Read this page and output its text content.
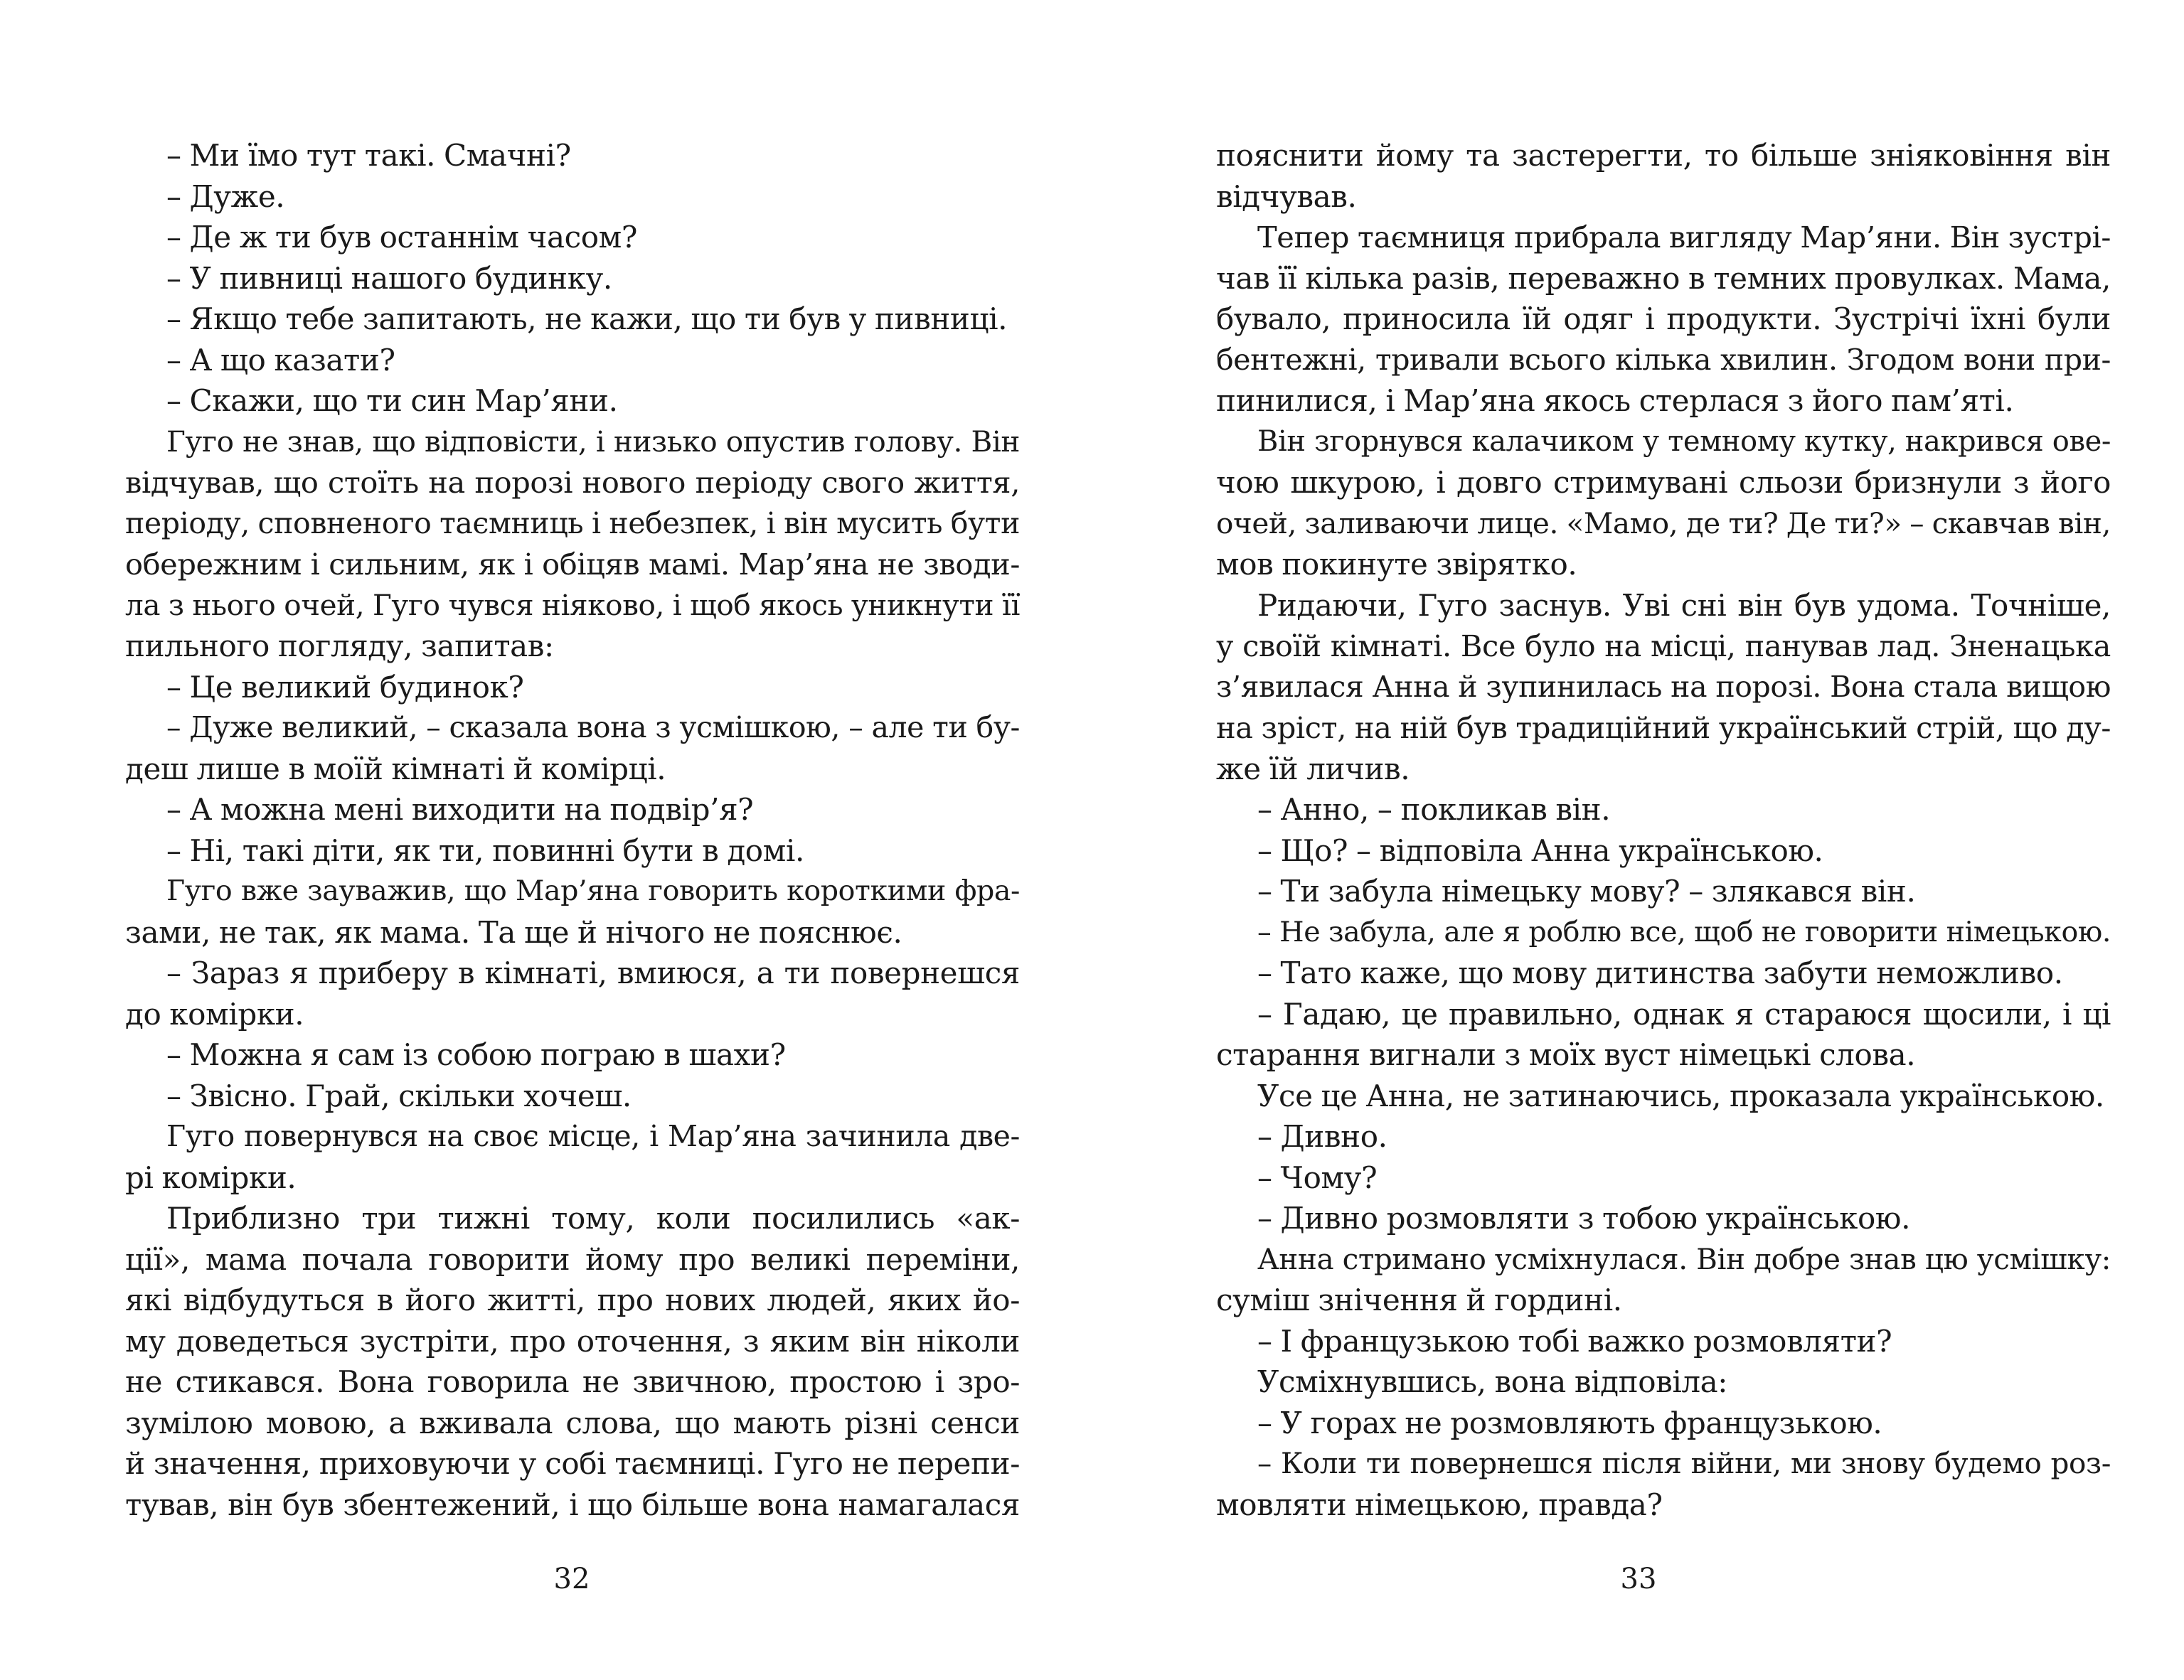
– Ми їмо тут такі. Смачні?
– Дуже.
– Де ж ти був останнім часом?
– У пивниці нашого будинку.
– Якщо тебе запитають, не кажи, що ти був у пивниці.
– А що казати?
– Скажи, що ти син Мар’яни.
Гуго не знав, що відповісти, і низько опустив голову. Він
відчував, що стоїть на порозі нового періоду свого життя,
періоду, сповненого таємниць і небезпек, і він мусить бути
обережним і сильним, як і обіцяв мамі. Мар’яна не зводи-
ла з нього очей, Гуго чувся ніяково, і щоб якось уникнути її
пильного погляду, запитав:
– Це великий будинок?
– Дуже великий, – сказала вона з усмішкою, – але ти бу-
деш лише в моїй кімнаті й комірці.
– А можна мені виходити на подвір’я?
– Ні, такі діти, як ти, повинні бути в домі.
Гуго вже зауважив, що Мар’яна говорить короткими фра-
зами, не так, як мама. Та ще й нічого не пояснює.
– Зараз я приберу в кімнаті, вмиюся, а ти повернешся
до комірки.
– Можна я сам із собою пограю в шахи?
– Звісно. Грай, скільки хочеш.
Гуго повернувся на своє місце, і Мар’яна зачинила две-
рі комірки.
Приблизно три тижні тому, коли посилились «ак-
ції», мама почала говорити йому про великі переміни,
які відбудуться в його житті, про нових людей, яких йо-
му доведеться зустріти, про оточення, з яким він ніколи
не стикався. Вона говорила не звичною, простою і зро-
зумілою мовою, а вживала слова, що мають різні сенси
й значення, приховуючи у собі таємниці. Гуго не перепи-
тував, він був збентежений, і що більше вона намагалася
32
пояснити йому та застерегти, то більше зніяковіння він
відчував.
Тепер таємниця прибрала вигляду Мар’яни. Він зустрі-
чав її кілька разів, переважно в темних провулках. Мама,
бувало, приносила їй одяг і продукти. Зустрічі їхні були
бентежні, тривали всього кілька хвилин. Згодом вони при-
пинилися, і Мар’яна якось стерлася з його пам’яті.
Він згорнувся калачиком у темному кутку, накрився ове-
чою шкурою, і довго стримувані сльози бризнули з його
очей, заливаючи лице. «Мамо, де ти? Де ти?» – скавчав він,
мов покинуте звірятко.
Ридаючи, Гуго заснув. Уві сні він був удома. Точніше,
у своїй кімнаті. Все було на місці, панував лад. Зненацька
з’явилася Анна й зупинилась на порозі. Вона стала вищою
на зріст, на ній був традиційний український стрій, що ду-
же їй личив.
– Анно, – покликав він.
– Що? – відповіла Анна українською.
– Ти забула німецьку мову? – злякався він.
– Не забула, але я роблю все, щоб не говорити німецькою.
– Тато каже, що мову дитинства забути неможливо.
– Гадаю, це правильно, однак я стараюся щосили, і ці
старання вигнали з моїх вуст німецькі слова.
Усе це Анна, не затинаючись, проказала українською.
– Дивно.
– Чому?
– Дивно розмовляти з тобою українською.
Анна стримано усміхнулася. Він добре знав цю усмішку:
суміш знічення й гордині.
– І французькою тобі важко розмовляти?
Усміхнувшись, вона відповіла:
– У горах не розмовляють французькою.
– Коли ти повернешся після війни, ми знову будемо роз-
мовляти німецькою, правда?
33
